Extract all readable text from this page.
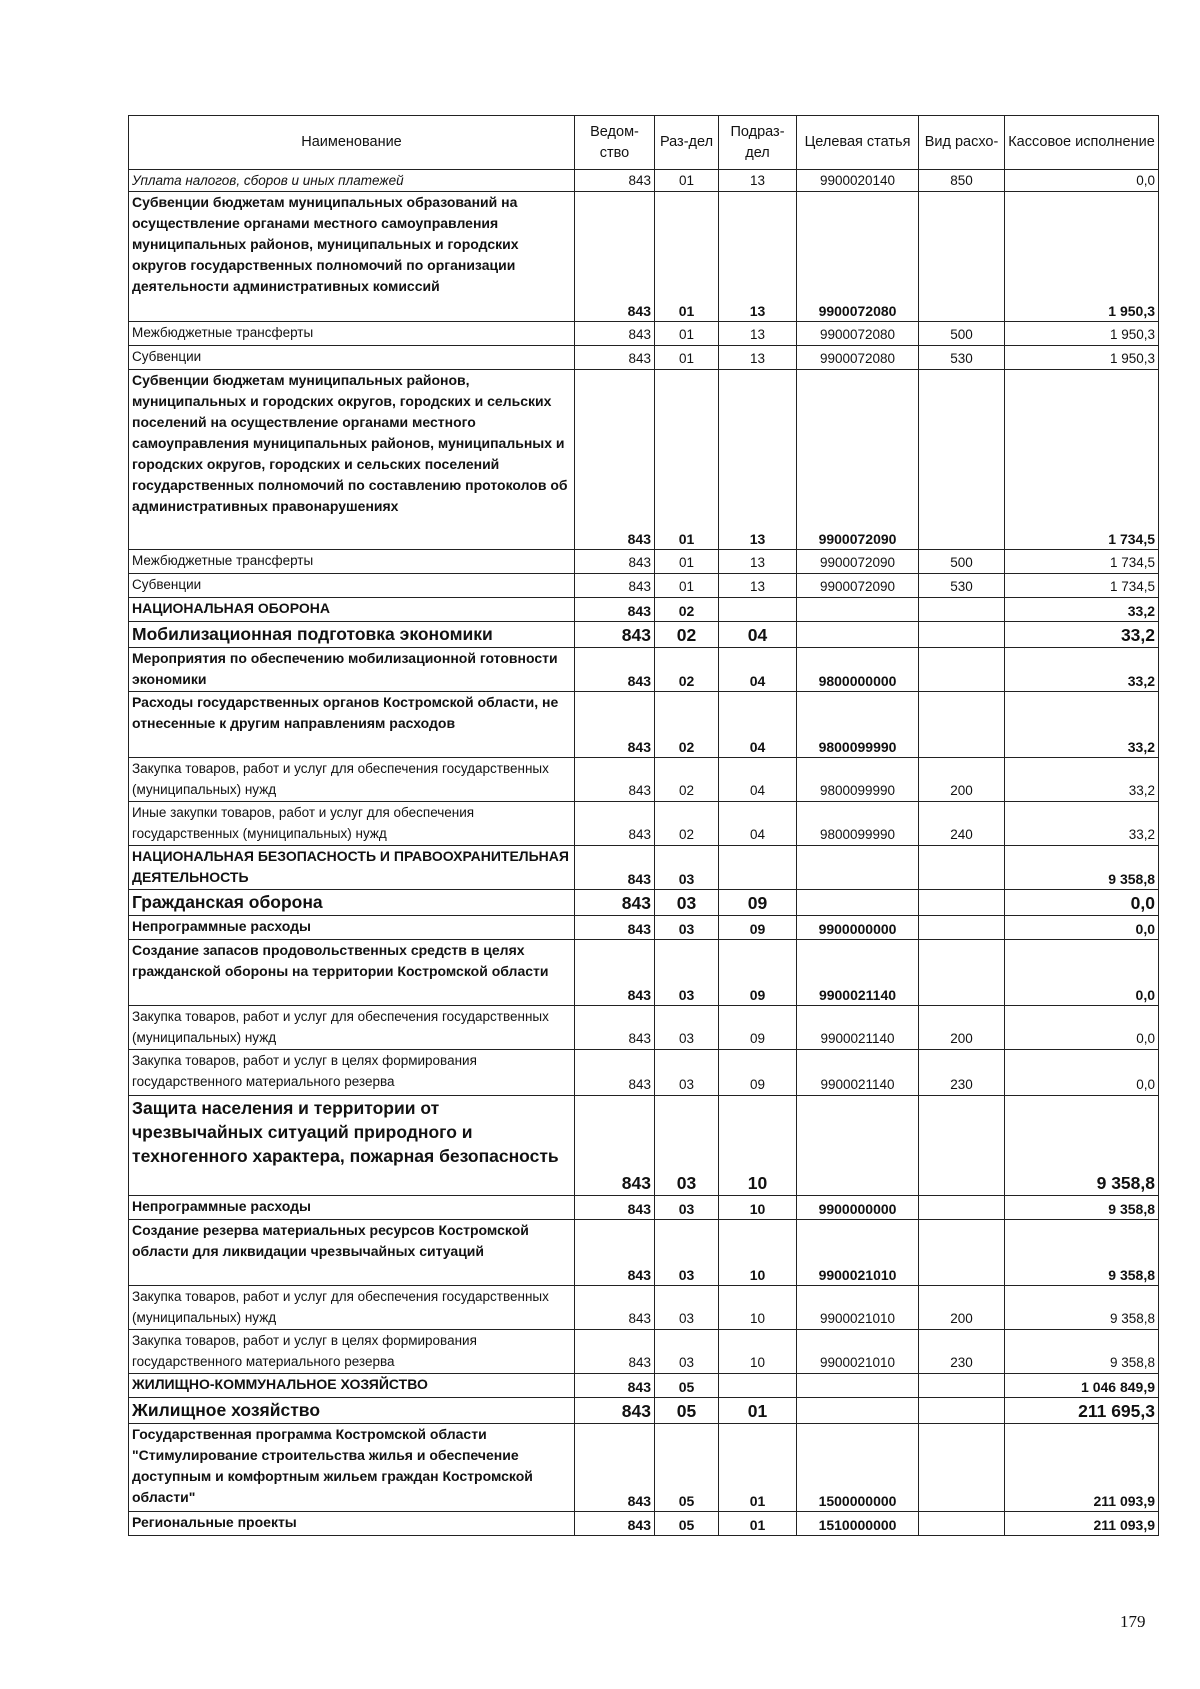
Наименование	Ведом-ство	Раз-дел	Подраз-дел	Целевая статья	Вид расхо-	Кассовое исполнение
Уплата налогов, сборов и иных платежей	843	01	13	9900020140	850	0,0
Субвенции бюджетам муниципальных образований на осуществление органами местного самоуправления муниципальных районов, муниципальных и городских округов государственных полномочий по организации деятельности административных комиссий	843	01	13	9900072080		1 950,3
Межбюджетные трансферты	843	01	13	9900072080	500	1 950,3
Субвенции	843	01	13	9900072080	530	1 950,3
Субвенции бюджетам муниципальных районов, муниципальных и городских округов, городских и сельских поселений на осуществление органами местного самоуправления муниципальных районов, муниципальных и городских округов, городских и сельских поселений государственных полномочий по составлению протоколов об административных правонарушениях	843	01	13	9900072090		1 734,5
Межбюджетные трансферты	843	01	13	9900072090	500	1 734,5
Субвенции	843	01	13	9900072090	530	1 734,5
НАЦИОНАЛЬНАЯ ОБОРОНА	843	02				33,2
Мобилизационная подготовка экономики	843	02	04			33,2
Мероприятия по обеспечению мобилизационной готовности экономики	843	02	04	9800000000		33,2
Расходы государственных органов Костромской области, не отнесенные к другим направлениям расходов	843	02	04	9800099990		33,2
Закупка товаров, работ и услуг для обеспечения государственных (муниципальных) нужд	843	02	04	9800099990	200	33,2
Иные закупки товаров, работ и услуг для обеспечения государственных (муниципальных) нужд	843	02	04	9800099990	240	33,2
НАЦИОНАЛЬНАЯ БЕЗОПАСНОСТЬ И ПРАВООХРАНИТЕЛЬНАЯ ДЕЯТЕЛЬНОСТЬ	843	03				9 358,8
Гражданская оборона	843	03	09			0,0
Непрограммные расходы	843	03	09	9900000000		0,0
Создание запасов продовольственных средств в целях гражданской обороны на территории Костромской области	843	03	09	9900021140		0,0
Закупка товаров, работ и услуг для обеспечения государственных (муниципальных) нужд	843	03	09	9900021140	200	0,0
Закупка товаров, работ и услуг в целях формирования государственного материального резерва	843	03	09	9900021140	230	0,0
Защита населения и территории от чрезвычайных ситуаций природного и техногенного характера, пожарная безопасность	843	03	10			9 358,8
Непрограммные расходы	843	03	10	9900000000		9 358,8
Создание резерва материальных ресурсов Костромской области для ликвидации чрезвычайных ситуаций	843	03	10	9900021010		9 358,8
Закупка товаров, работ и услуг для обеспечения государственных (муниципальных) нужд	843	03	10	9900021010	200	9 358,8
Закупка товаров, работ и услуг в целях формирования государственного материального резерва	843	03	10	9900021010	230	9 358,8
ЖИЛИЩНО-КОММУНАЛЬНОЕ ХОЗЯЙСТВО	843	05				1 046 849,9
Жилищное хозяйство	843	05	01			211 695,3
Государственная программа Костромской области "Стимулирование строительства жилья и обеспечение доступным и комфортным жильем граждан Костромской области"	843	05	01	1500000000		211 093,9
Региональные проекты	843	05	01	1510000000		211 093,9
179
